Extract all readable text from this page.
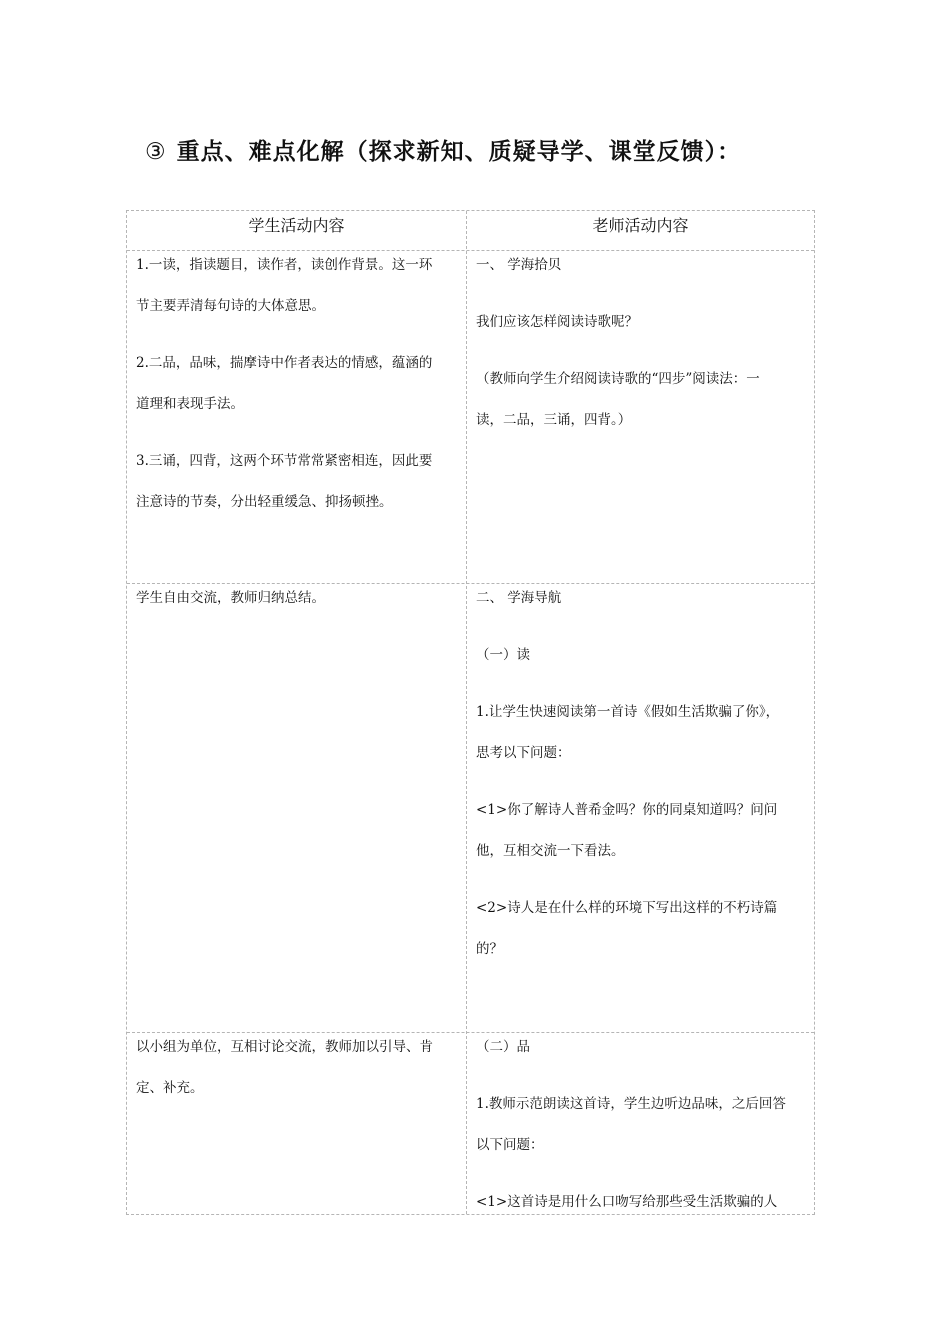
③ 重点、难点化解（探求新知、质疑导学、课堂反馈）：
学生活动内容	老师活动内容

1.一读，指读题目，读作者，读创作背景。这一环

节主要弄清每句诗的大体意思。

2.二品，品味，揣摩诗中作者表达的情感，蕴涵的

道理和表现手法。

3.三诵，四背，这两个环节常常紧密相连，因此要

注意诗的节奏，分出轻重缓急、抑扬顿挫。

一、 学海拾贝

我们应该怎样阅读诗歌呢？

（教师向学生介绍阅读诗歌的“四步”阅读法：一

读，二品，三诵，四背。）

学生自由交流，教师归纳总结。	二、 学海导航

（一）读

1.让学生快速阅读第一首诗《假如生活欺骗了你》，

思考以下问题：

<1>你了解诗人普希金吗？你的同桌知道吗？问问

他，互相交流一下看法。

<2>诗人是在什么样的环境下写出这样的不朽诗篇

的？

以小组为单位，互相讨论交流，教师加以引导、肯

定、补充。

（二）品

1.教师示范朗读这首诗，学生边听边品味，之后回答

以下问题：

<1>这首诗是用什么口吻写给那些受生活欺骗的人
